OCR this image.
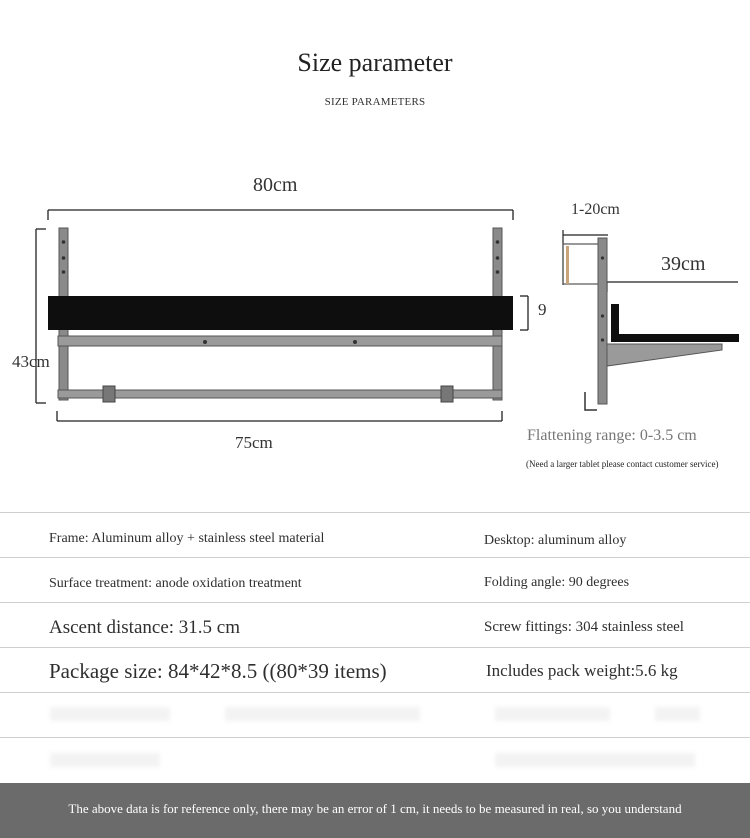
Size parameter
SIZE PARAMETERS
80cm
43cm
9
75cm
1-20cm
39cm
Flattening range: 0-3.5 cm
(Need a larger tablet please contact customer service)
Frame: Aluminum alloy + stainless steel material	Desktop: aluminum alloy
Surface treatment: anode oxidation treatment	Folding angle: 90 degrees
Ascent distance: 31.5 cm	Screw fittings: 304 stainless steel
Package size: 84*42*8.5 ((80*39 items)	Includes pack weight:5.6 kg
The above data is for reference only, there may be an error of 1 cm, it needs to be measured in real, so you understand
